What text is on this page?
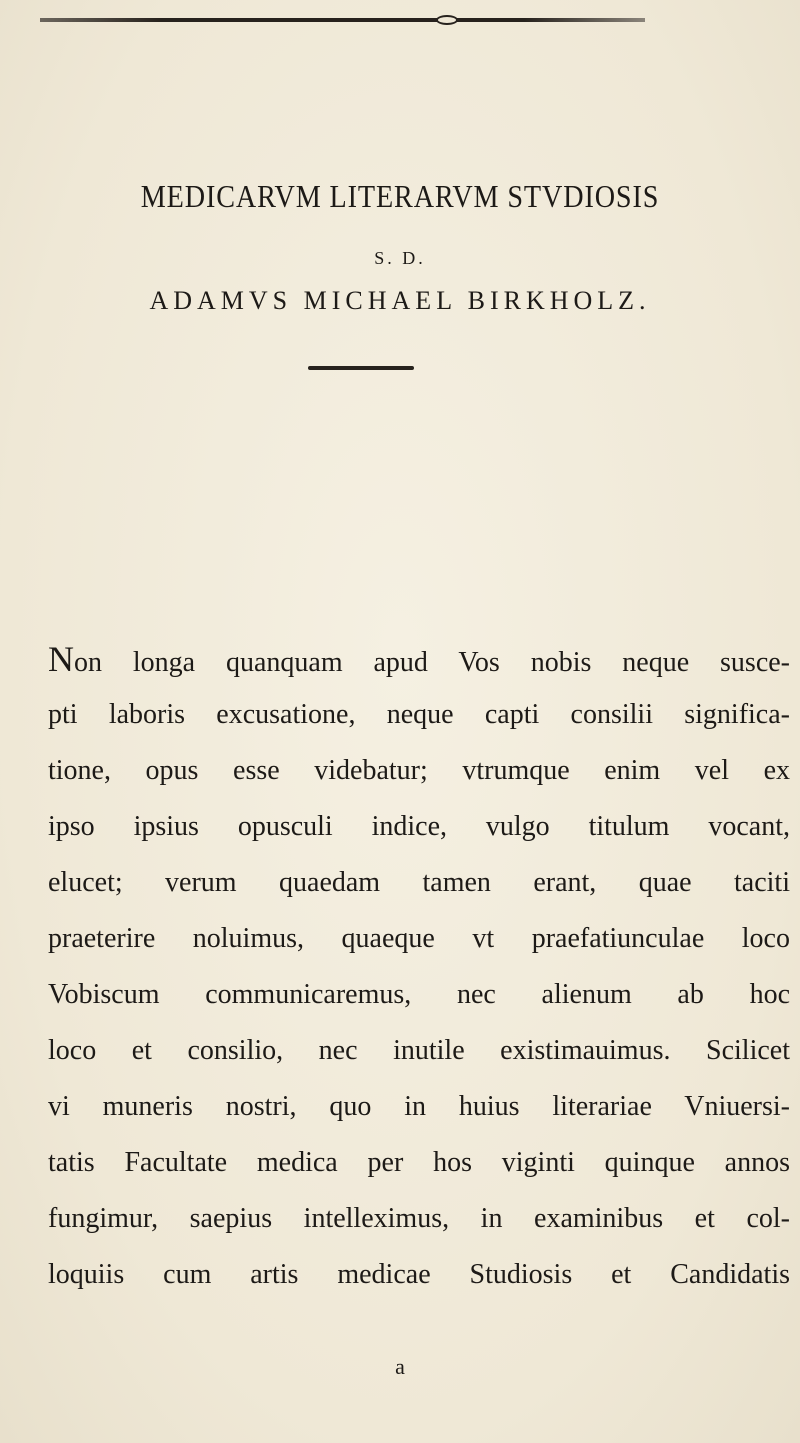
MEDICARVM LITERARVM STVDIOSIS
S. D.
ADAMVS MICHAEL BIRKHOLZ.
Non longa quanquam apud Vos nobis neque susce-
pti laboris excusatione, neque capti consilii significa-
tione, opus esse videbatur; vtrumque enim vel ex
ipso ipsius opusculi indice, vulgo titulum vocant,
elucet; verum quaedam tamen erant, quae taciti
praeterire noluimus, quaeque vt praefatiunculae loco
Vobiscum communicaremus, nec alienum ab hoc
loco et consilio, nec inutile existimauimus. Scilicet
vi muneris nostri, quo in huius literariae Vniuersi-
tatis Facultate medica per hos viginti quinque annos
fungimur, saepius intelleximus, in examinibus et col-
loquiis cum artis medicae Studiosis et Candidatis
a
